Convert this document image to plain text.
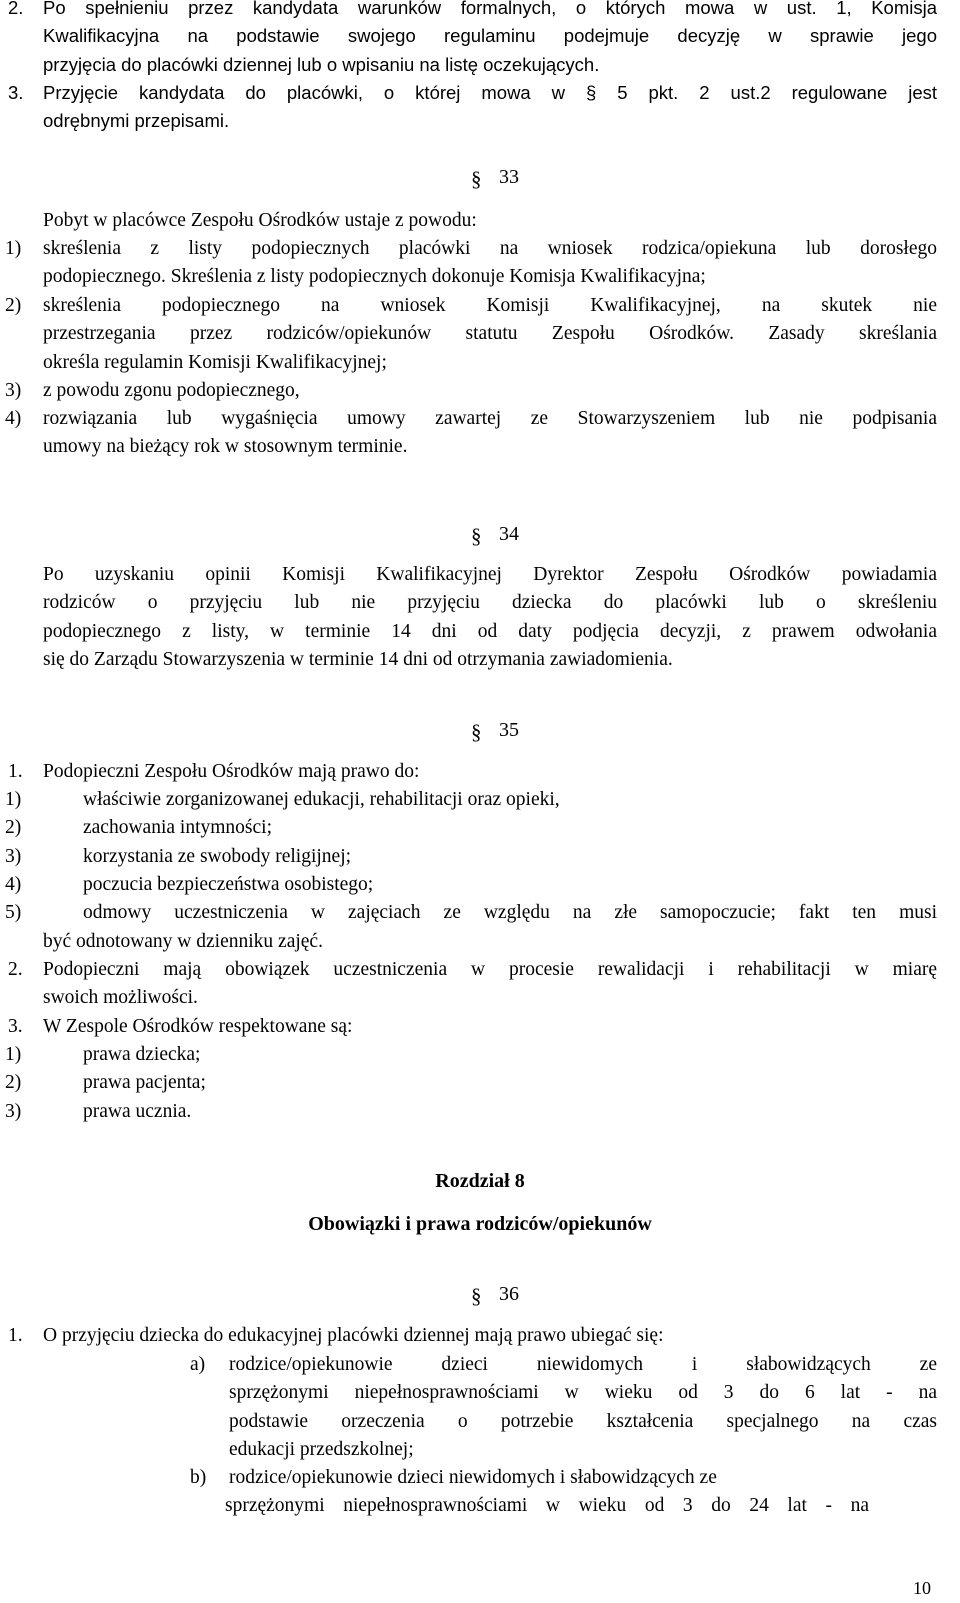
2. Po spełnieniu przez kandydata warunków formalnych, o których mowa w ust. 1, Komisja
Kwalifikacyjna na podstawie swojego regulaminu podejmuje decyzję w sprawie jego
przyjęcia do placówki dziennej lub o wpisaniu na listę oczekujących.
3. Przyjęcie kandydata do placówki, o której mowa w § 5 pkt. 2 ust.2 regulowane jest
odrębnymi przepisami.
33
Pobyt w placówce Zespołu Ośrodków ustaje z powodu:
1) skreślenia z listy podopiecznych placówki na wniosek rodzica/opiekuna lub dorosłego
podopiecznego. Skreślenia z listy podopiecznych dokonuje Komisja Kwalifikacyjna;
2) skreślenia podopiecznego na wniosek Komisji Kwalifikacyjnej, na skutek nie
przestrzegania przez rodziców/opiekunów statutu Zespołu Ośrodków. Zasady skreślania
określa regulamin Komisji Kwalifikacyjnej;
3) z powodu zgonu podopiecznego,
4) rozwiązania lub wygaśnięcia umowy zawartej ze Stowarzyszeniem lub nie podpisania
umowy na bieżący rok w stosownym terminie.
34
Po uzyskaniu opinii Komisji Kwalifikacyjnej Dyrektor Zespołu Ośrodków powiadamia
rodziców o przyjęciu lub nie przyjęciu dziecka do placówki lub o skreśleniu
podopiecznego z listy, w terminie 14 dni od daty podjęcia decyzji, z prawem odwołania
się do Zarządu Stowarzyszenia w terminie 14 dni od otrzymania zawiadomienia.
35
1. Podopieczni Zespołu Ośrodków mają prawo do:
1)	właściwie zorganizowanej edukacji, rehabilitacji oraz opieki,
2)	zachowania intymności;
3)	korzystania ze swobody religijnej;
4)	poczucia bezpieczeństwa osobistego;
5)	odmowy uczestniczenia w zajęciach ze względu na złe samopoczucie; fakt ten musi
być odnotowany w dzienniku zajęć.
2. Podopieczni mają obowiązek uczestniczenia w procesie rewalidacji i rehabilitacji w miarę
swoich możliwości.
3. W Zespole Ośrodków respektowane są:
1)	prawa dziecka;
2)	prawa pacjenta;
3)	prawa ucznia.
Rozdział 8
Obowiązki i prawa rodziców/opiekunów
36
1. O przyjęciu dziecka do edukacyjnej placówki dziennej mają prawo ubiegać się:
a) rodzice/opiekunowie dzieci niewidomych i słabowidzących ze
sprzężonymi niepełnosprawnościami w wieku od 3 do 6 lat - na
podstawie orzeczenia o potrzebie kształcenia specjalnego na czas
edukacji przedszkolnej;
b) rodzice/opiekunowie dzieci niewidomych i słabowidzących ze
sprzężonymi niepełnosprawnościami w wieku od 3 do 24 lat - na
10
